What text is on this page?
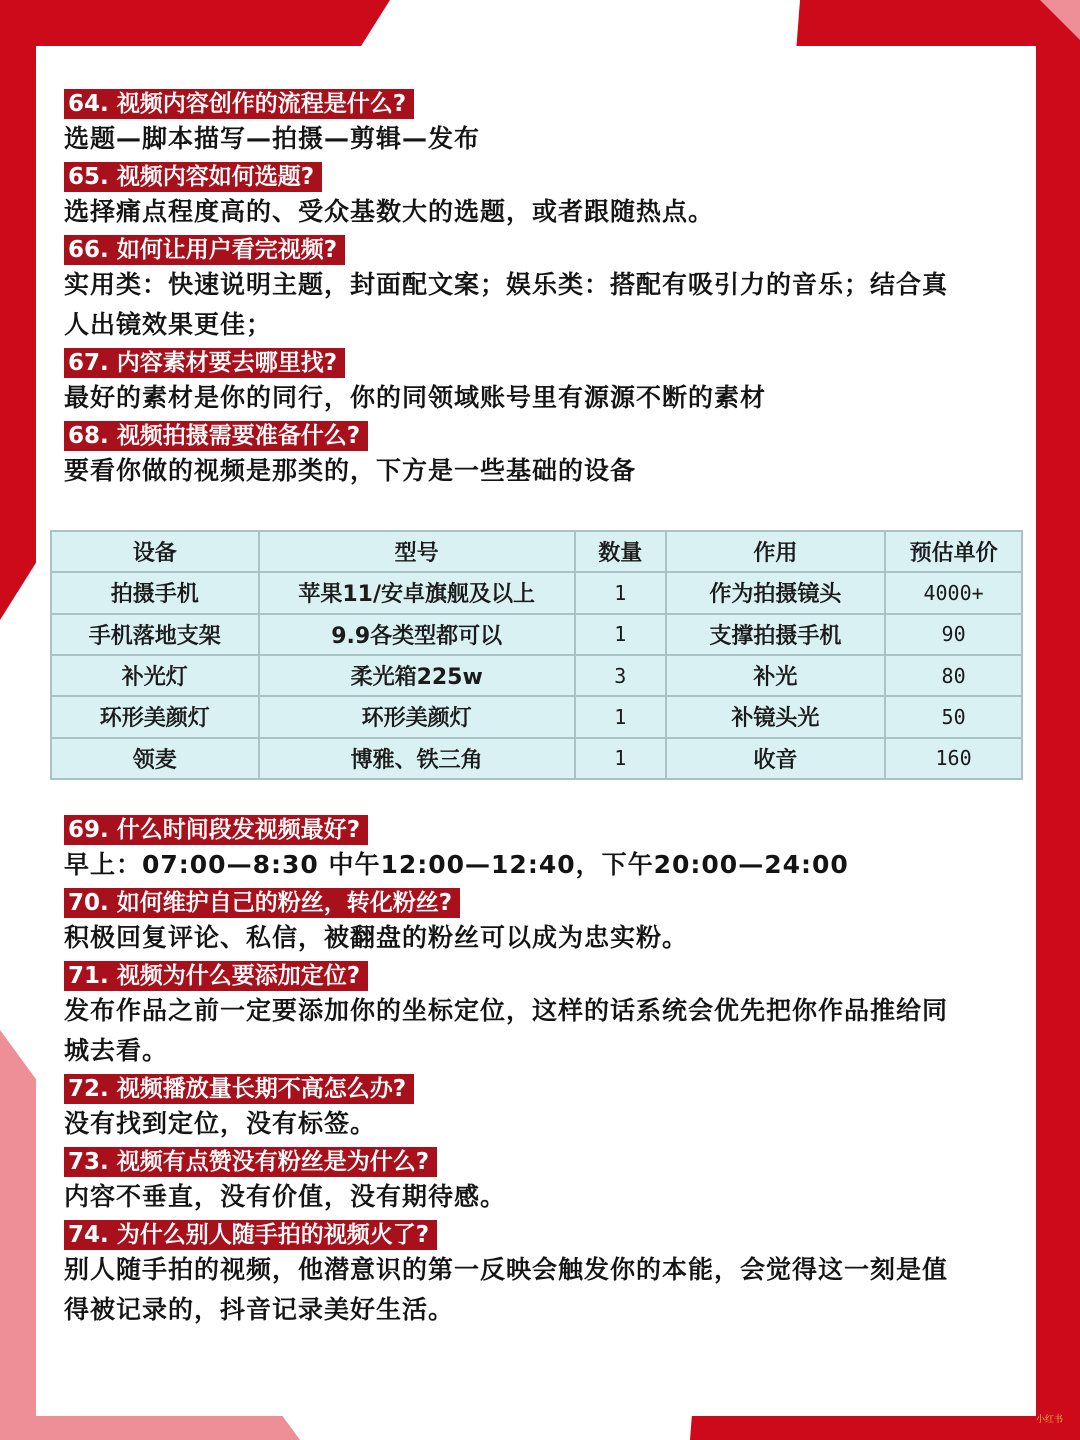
64. 视频内容创作的流程是什么?

选题—脚本描写—拍摄—剪辑—发布

65. 视频内容如何选题?

选择痛点程度高的、受众基数大的选题，或者跟随热点。

66. 如何让用户看完视频?

实用类：快速说明主题，封面配文案；娱乐类：搭配有吸引力的音乐；结合真

人出镜效果更佳；

67. 内容素材要去哪里找?

最好的素材是你的同行，你的同领域账号里有源源不断的素材

68. 视频拍摄需要准备什么?

要看你做的视频是那类的，下方是一些基础的设备

设备	型号	数量	作用	预估单价
拍摄手机	苹果11/安卓旗舰及以上	1	作为拍摄镜头	4000+
手机落地支架	9.9各类型都可以	1	支撑拍摄手机	90
补光灯	柔光箱225w	3	补光	80
环形美颜灯	环形美颜灯	1	补镜头光	50
领麦	博雅、铁三角	1	收音	160
69. 什么时间段发视频最好?

早上：07:00—8:30 中午12:00—12:40，下午20:00—24:00

70. 如何维护自己的粉丝，转化粉丝?

积极回复评论、私信，被翻盘的粉丝可以成为忠实粉。

71. 视频为什么要添加定位?

发布作品之前一定要添加你的坐标定位，这样的话系统会优先把你作品推给同

城去看。

72. 视频播放量长期不高怎么办?

没有找到定位，没有标签。

73. 视频有点赞没有粉丝是为什么?

内容不垂直，没有价值，没有期待感。

74. 为什么别人随手拍的视频火了?

别人随手拍的视频，他潜意识的第一反映会触发你的本能，会觉得这一刻是值

得被记录的，抖音记录美好生活。

小红书
